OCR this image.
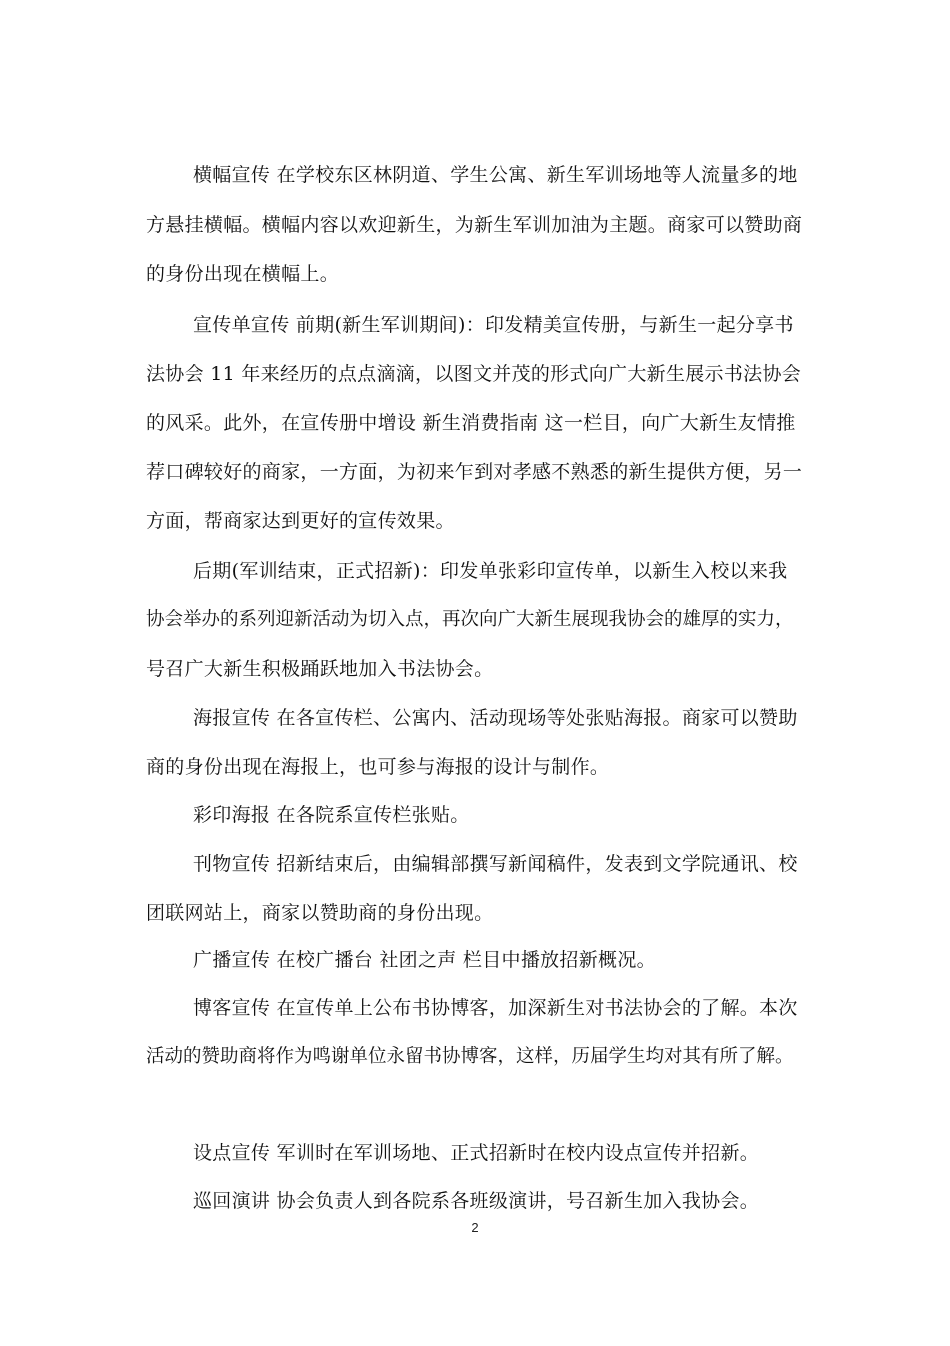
横幅宣传 在学校东区林阴道、学生公寓、新生军训场地等人流量多的地
方悬挂横幅。横幅内容以欢迎新生，为新生军训加油为主题。商家可以赞助商
的身份出现在横幅上。
宣传单宣传 前期(新生军训期间)：印发精美宣传册，与新生一起分享书
法协会 11 年来经历的点点滴滴，以图文并茂的形式向广大新生展示书法协会
的风采。此外，在宣传册中增设 新生消费指南 这一栏目，向广大新生友情推
荐口碑较好的商家，一方面，为初来乍到对孝感不熟悉的新生提供方便，另一
方面，帮商家达到更好的宣传效果。
后期(军训结束，正式招新)：印发单张彩印宣传单，以新生入校以来我
协会举办的系列迎新活动为切入点，再次向广大新生展现我协会的雄厚的实力，
号召广大新生积极踊跃地加入书法协会。
海报宣传 在各宣传栏、公寓内、活动现场等处张贴海报。商家可以赞助
商的身份出现在海报上，也可参与海报的设计与制作。
彩印海报 在各院系宣传栏张贴。
刊物宣传 招新结束后，由编辑部撰写新闻稿件，发表到文学院通讯、校
团联网站上，商家以赞助商的身份出现。
广播宣传 在校广播台 社团之声 栏目中播放招新概况。
博客宣传 在宣传单上公布书协博客，加深新生对书法协会的了解。本次
活动的赞助商将作为鸣谢单位永留书协博客，这样，历届学生均对其有所了解。
设点宣传 军训时在军训场地、正式招新时在校内设点宣传并招新。
巡回演讲 协会负责人到各院系各班级演讲，号召新生加入我协会。
2
